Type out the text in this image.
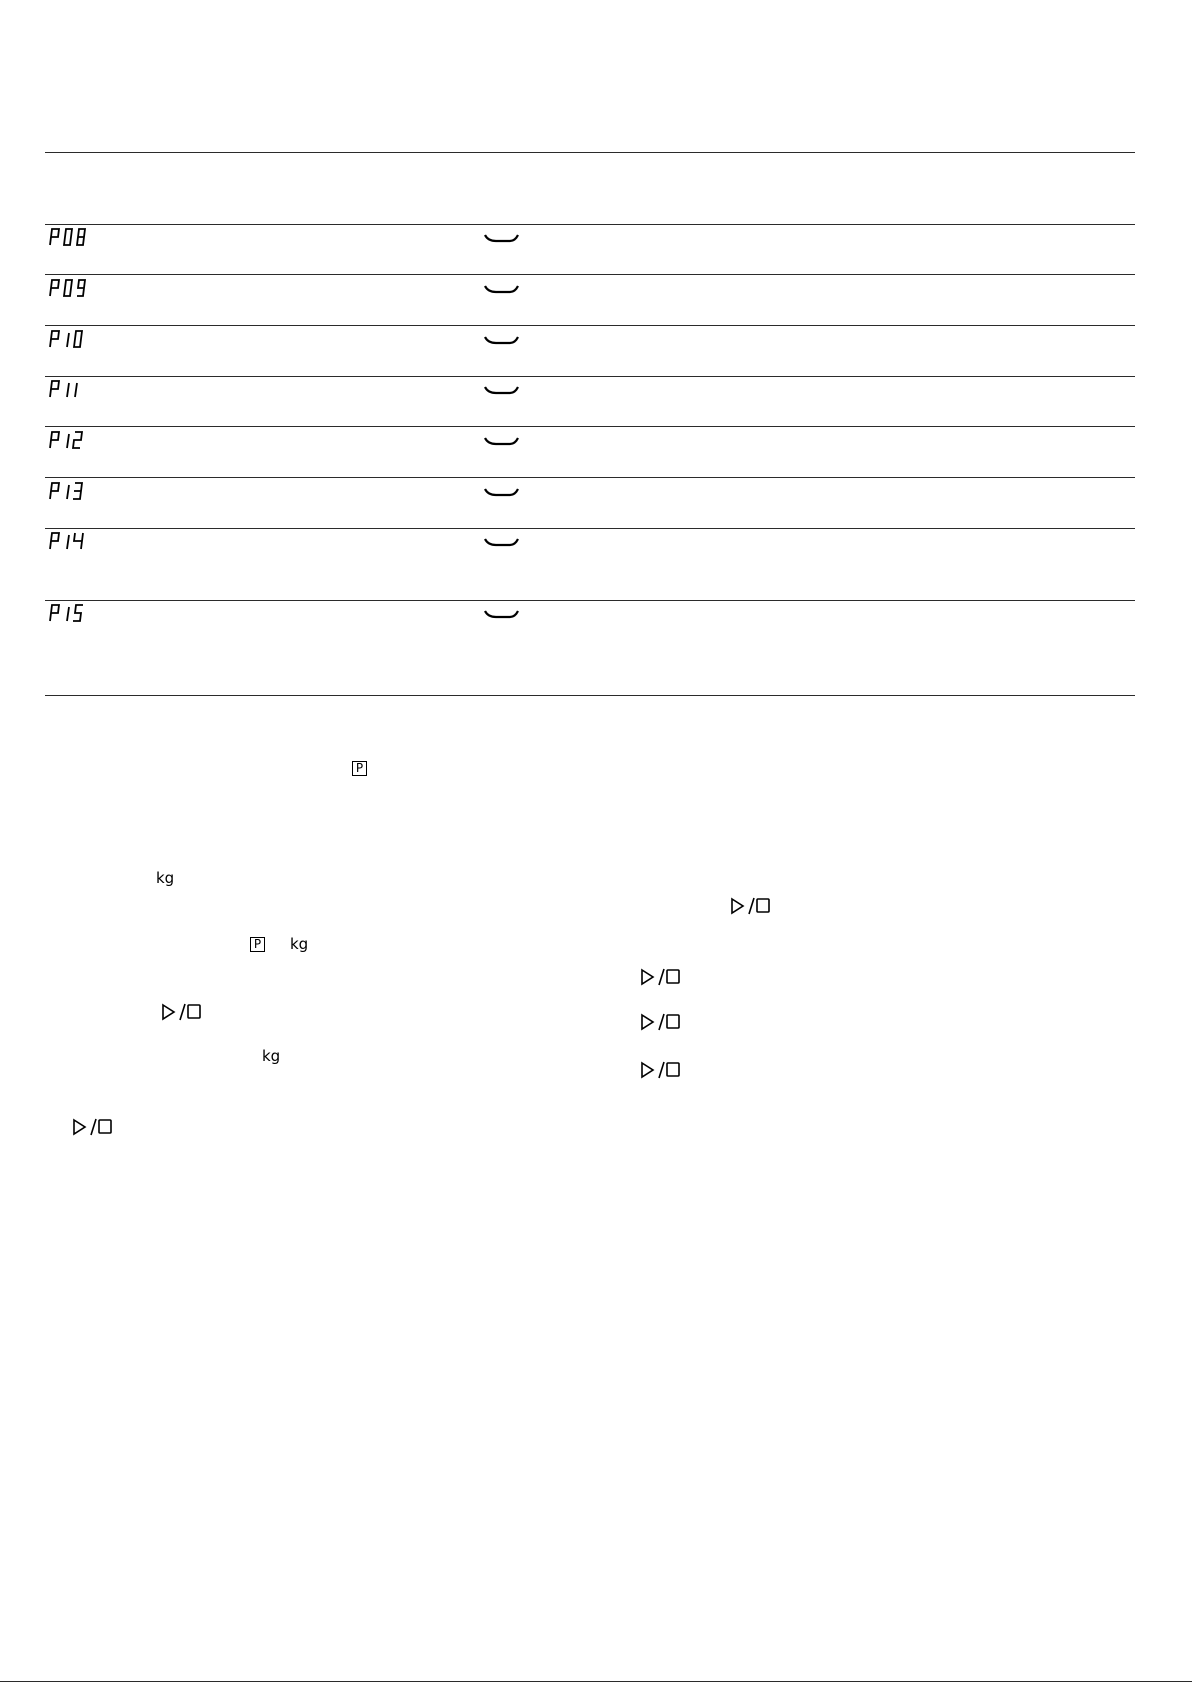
P
P
kg
kg
kg
